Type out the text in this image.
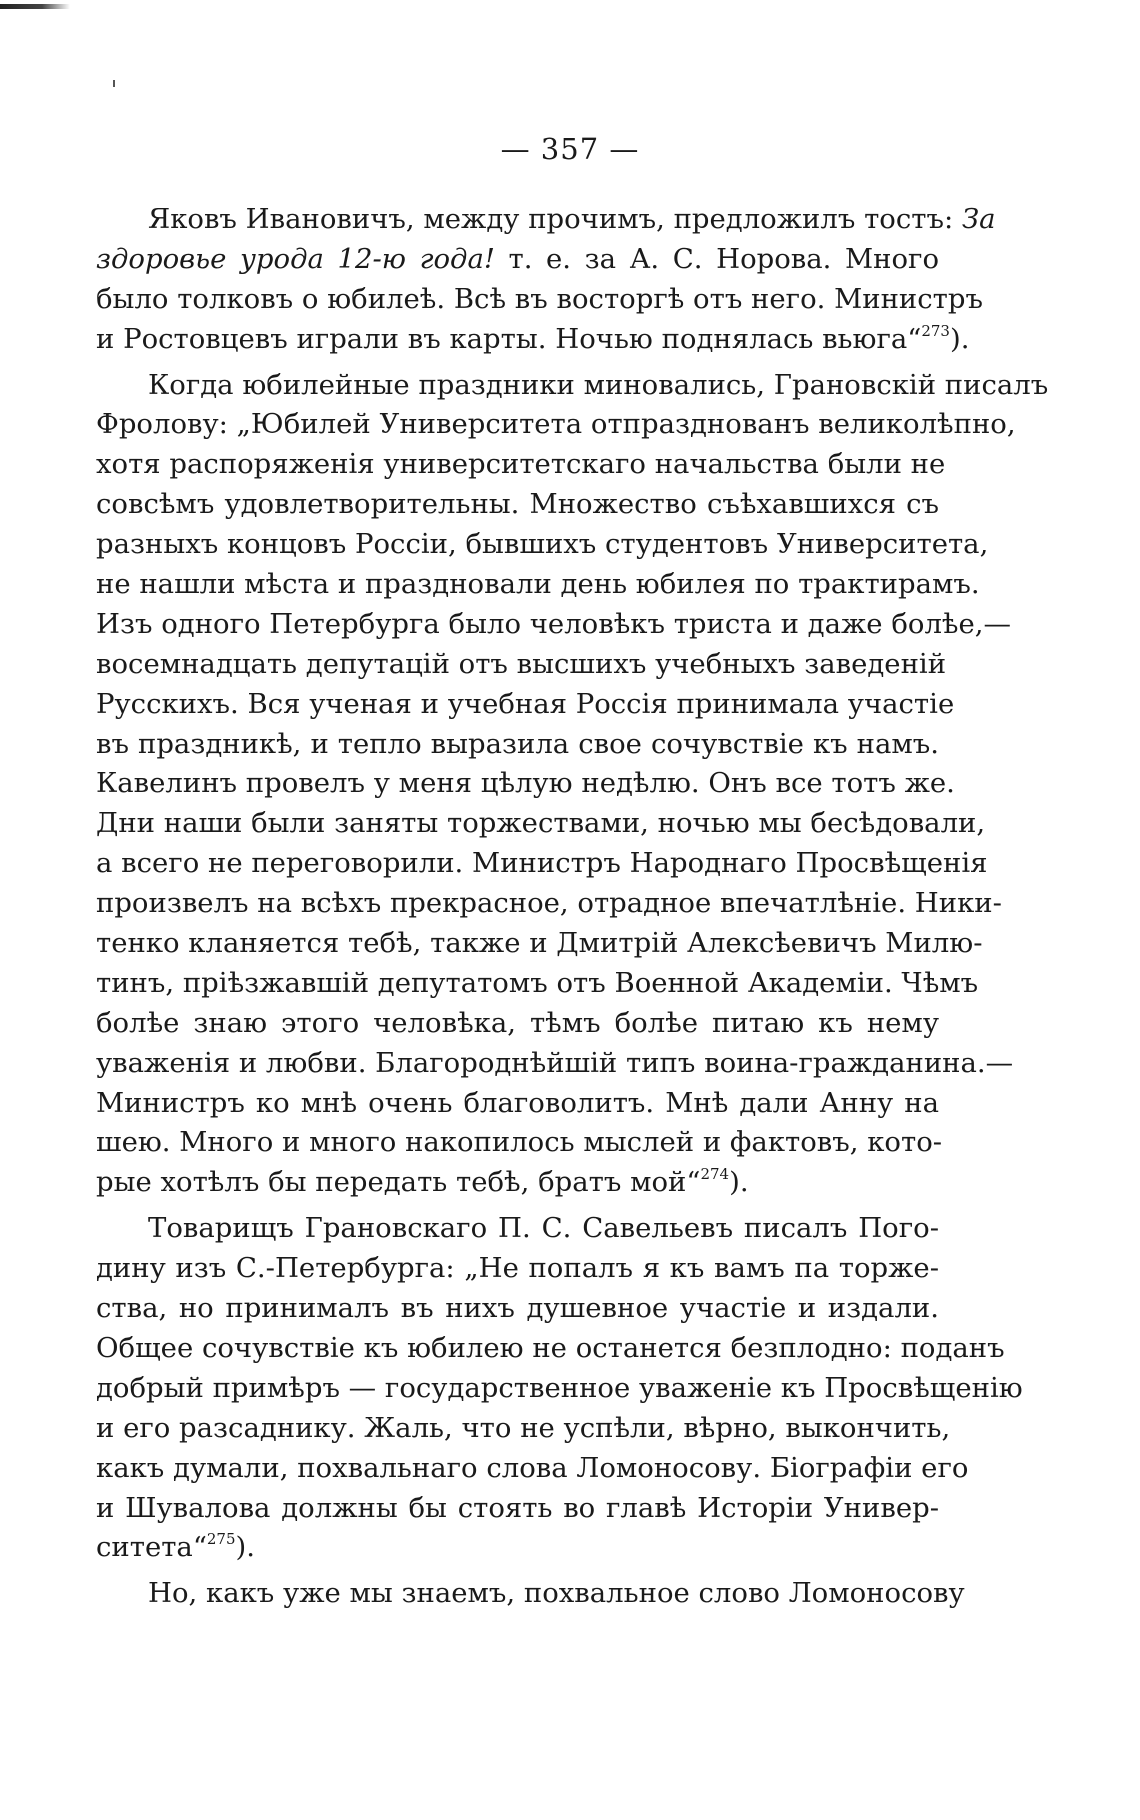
— 357 —
Яковъ Ивановичъ, между прочимъ, предложилъ тостъ: За
здоровье урода 12-ю года! т. е. за А. С. Норова. Много
было толковъ о юбилеѣ. Всѣ въ восторгѣ отъ него. Министръ
и Ростовцевъ играли въ карты. Ночью поднялась вьюга“$^{273}$).
Когда юбилейные праздники миновались, Грановскій писалъ
Фролову: „Юбилей Университета отпразднованъ великолѣпно,
хотя распоряженія университетскаго начальства были не
совсѣмъ удовлетворительны. Множество съѣхавшихся съ
разныхъ концовъ Россіи, бывшихъ студентовъ Университета,
не нашли мѣста и праздновали день юбилея по трактирамъ.
Изъ одного Петербурга было человѣкъ триста и даже болѣе,—
восемнадцать депутацій отъ высшихъ учебныхъ заведеній
Русскихъ. Вся ученая и учебная Россія принимала участіе
въ праздникѣ, и тепло выразила свое сочувствіе къ намъ.
Кавелинъ провелъ у меня цѣлую недѣлю. Онъ все тотъ же.
Дни наши были заняты торжествами, ночью мы бесѣдовали,
а всего не переговорили. Министръ Народнаго Просвѣщенія
произвелъ на всѣхъ прекрасное, отрадное впечатлѣніе. Ники-
тенко кланяется тебѣ, также и Дмитрій Алексѣевичъ Милю-
тинъ, пріѣзжавшій депутатомъ отъ Военной Академіи. Чѣмъ
болѣе знаю этого человѣка, тѣмъ болѣе питаю къ нему
уваженія и любви. Благороднѣйшій типъ воина-гражданина.—
Министръ ко мнѣ очень благоволитъ. Мнѣ дали Анну на
шею. Много и много накопилось мыслей и фактовъ, кото-
рые хотѣлъ бы передать тебѣ, братъ мой“$^{274}$).
Товарищъ Грановскаго П. С. Савельевъ писалъ Пого-
дину изъ С.-Петербурга: „Не попалъ я къ вамъ па торже-
ства, но принималъ въ нихъ душевное участіе и издали.
Общее сочувствіе къ юбилею не останется безплодно: поданъ
добрый примѣръ — государственное уваженіе къ Просвѣщенію
и его разсаднику. Жаль, что не успѣли, вѣрно, выкончить,
какъ думали, похвальнаго слова Ломоносову. Біографіи его
и Шувалова должны бы стоять во главѣ Исторіи Универ-
ситета“$^{275}$).
Но, какъ уже мы знаемъ, похвальное слово Ломоносову
